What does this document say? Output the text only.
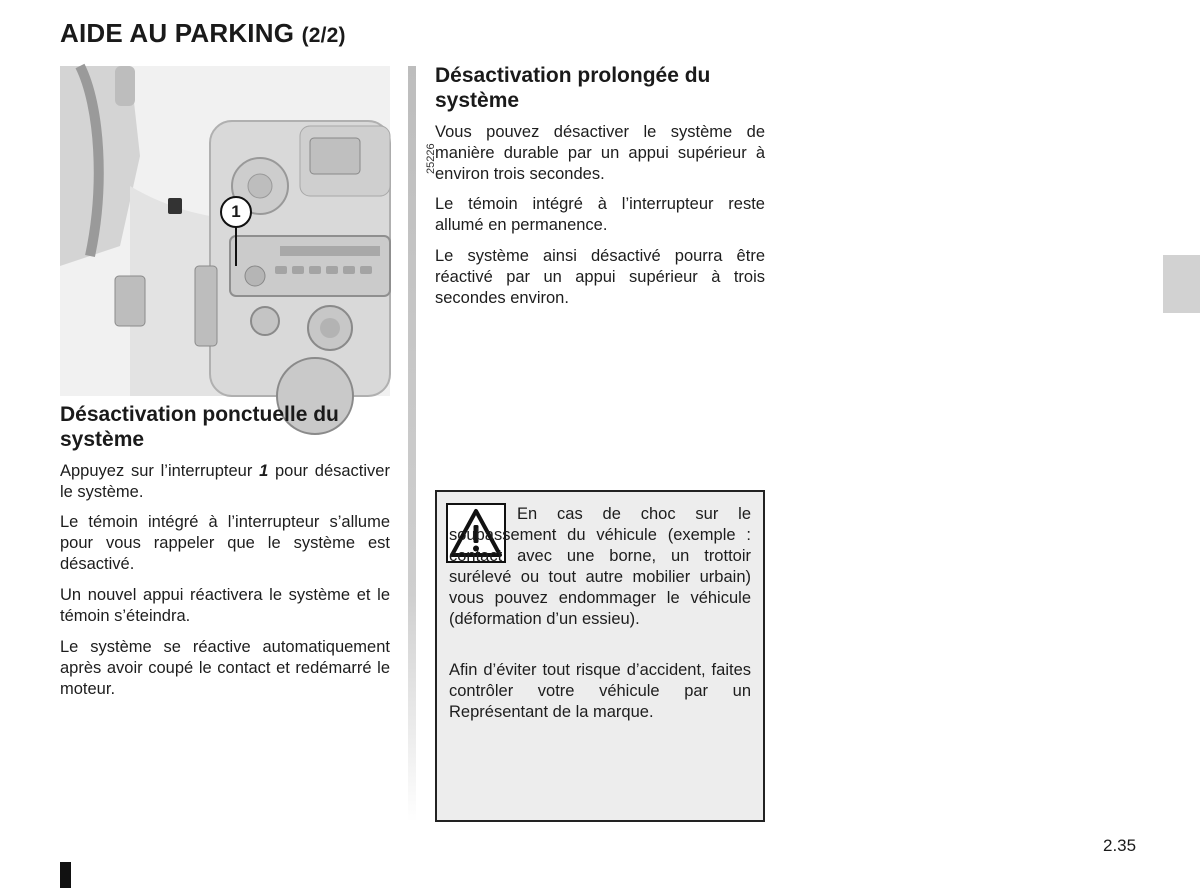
AIDE AU PARKING (2/2)
25226
1
Désactivation ponctuelle du système

Appuyez sur l’interrupteur 1 pour désactiver le système.

Le témoin intégré à l’interrupteur s’allume pour vous rappeler que le système est désactivé.

Un nouvel appui réactivera le système et le témoin s’éteindra.

Le système se réactive automatiquement après avoir coupé le contact et redémarré le moteur.

Désactivation prolongée du système

Vous pouvez désactiver le système de manière durable par un appui supérieur à environ trois secondes.

Le témoin intégré à l’interrupteur reste allumé en permanence.

Le système ainsi désactivé pourra être réactivé par un appui supérieur à trois secondes environ.

En cas de choc sur le soubassement du véhicule (exemple : contact avec une borne, un trottoir surélevé ou tout autre mobilier urbain) vous pouvez endommager le véhicule (déformation d’un essieu).

Afin d’éviter tout risque d’accident, faites contrôler votre véhicule par un Représentant de la marque.

2.35
